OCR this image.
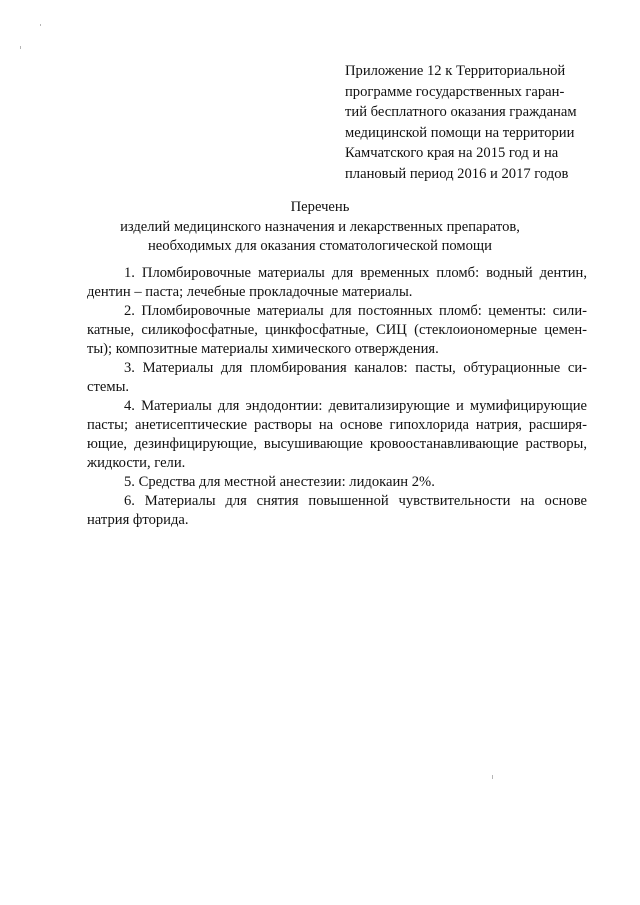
Приложение 12 к Территориальной
программе государственных гаран-
тий бесплатного оказания гражданам
медицинской помощи на территории
Камчатского края на 2015 год и на
плановый период 2016 и 2017 годов
Перечень
изделий медицинского назначения и лекарственных препаратов,
необходимых для оказания стоматологической помощи
1. Пломбировочные материалы для временных пломб: водный дентин,
дентин – паста; лечебные прокладочные материалы.
2. Пломбировочные материалы для постоянных пломб: цементы: сили-
катные, силикофосфатные, цинкфосфатные, СИЦ (стеклоиономерные цемен-
ты); композитные материалы химического отверждения.
3. Материалы для пломбирования каналов: пасты, обтурационные си-
стемы.
4. Материалы для эндодонтии: девитализирующие и мумифицирующие
пасты; анетисептические растворы на основе гипохлорида натрия, расширя-
ющие, дезинфицирующие, высушивающие кровоостанавливающие растворы,
жидкости, гели.
5. Средства для местной анестезии: лидокаин 2%.
6. Материалы для снятия повышенной чувствительности на основе
натрия фторида.
